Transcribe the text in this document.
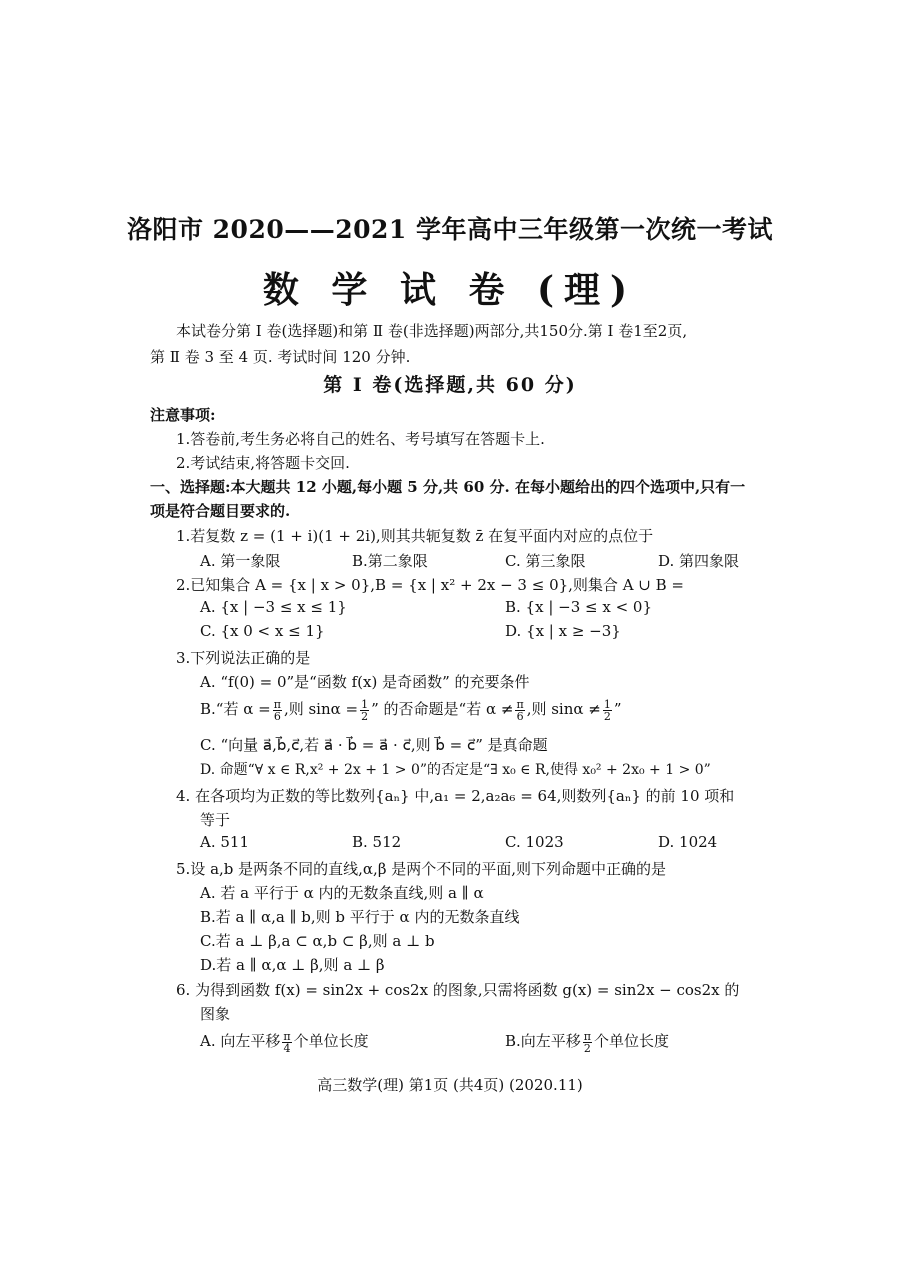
洛阳市 2020——2021 学年高中三年级第一次统一考试
数 学 试 卷 (理)
本试卷分第 Ⅰ 卷(选择题)和第 Ⅱ 卷(非选择题)两部分,共150分.第 Ⅰ 卷1至2页,
第 Ⅱ 卷 3 至 4 页. 考试时间 120 分钟.
第 Ⅰ 卷(选择题,共 60 分)
注意事项:
1.答卷前,考生务必将自己的姓名、考号填写在答题卡上.
2.考试结束,将答题卡交回.
一、选择题:本大题共 12 小题,每小题 5 分,共 60 分. 在每小题给出的四个选项中,只有一
项是符合题目要求的.
1.若复数 z = (1 + i)(1 + 2i),则其共轭复数 z̄ 在复平面内对应的点位于
A. 第一象限	B.第二象限	C. 第三象限	D. 第四象限
2.已知集合 A = {x | x > 0},B = {x | x² + 2x − 3 ≤ 0},则集合 A ∪ B =
A. {x | −3 ≤ x ≤ 1}	B. {x | −3 ≤ x < 0}
C. {x 0 < x ≤ 1}	D. {x | x ≥ −3}
3.下列说法正确的是
A. “f(0) = 0”是“函数 f(x) 是奇函数” 的充要条件
B.“若 $\alpha = \frac{\pi}{6}$ ,则 $\sin\alpha = \frac{1}{2}$ ” 的否命题是“若 $\alpha \ne \frac{\pi}{6}$ ,则 $\sin\alpha \ne \frac{1}{2}$ ”
C. “向量 a⃗,b⃗,c⃗,若 a⃗ · b⃗ = a⃗ · c⃗,则 b⃗ = c⃗” 是真命题
D. 命题“∀ x ∈ R,x² + 2x + 1 > 0”的否定是“∃ x₀ ∈ R,使得 x₀² + 2x₀ + 1 > 0”
4. 在各项均为正数的等比数列{aₙ} 中,a₁ = 2,a₂a₆ = 64,则数列{aₙ} 的前 10 项和
等于
A. 511	B. 512	C. 1023	D. 1024
5.设 a,b 是两条不同的直线,α,β 是两个不同的平面,则下列命题中正确的是
A. 若 a 平行于 α 内的无数条直线,则 a ∥ α
B.若 a ∥ α,a ∥ b,则 b 平行于 α 内的无数条直线
C.若 a ⊥ β,a ⊂ α,b ⊂ β,则 a ⊥ b
D.若 a ∥ α,α ⊥ β,则 a ⊥ β
6. 为得到函数 f(x) = sin2x + cos2x 的图象,只需将函数 g(x) = sin2x − cos2x 的
图象
A. 向左平移 $\frac{\pi}{4}$ 个单位长度	B.向左平移 $\frac{\pi}{2}$ 个单位长度
高三数学(理) 第1页 (共4页) (2020.11)
